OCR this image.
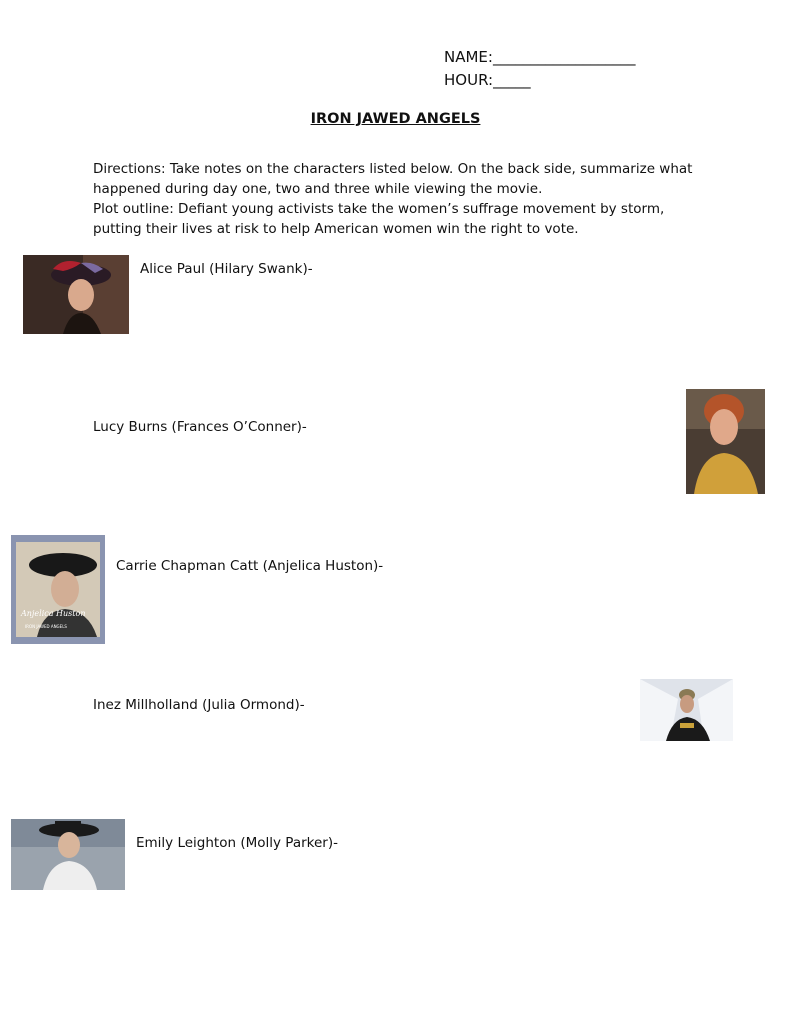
NAME:___________________
HOUR:_____
IRON JAWED ANGELS
Directions: Take notes on the characters listed below. On the back side, summarize what
happened during day one, two and three while viewing the movie.
Plot outline: Defiant young activists take the women’s suffrage movement by storm,
putting their lives at risk to help American women win the right to vote.
Alice Paul (Hilary Swank)-
Lucy Burns (Frances O’Conner)-
Anjelica Huston
IRON JAWED ANGELS
Carrie Chapman Catt (Anjelica Huston)-
Inez Millholland (Julia Ormond)-
Emily Leighton (Molly Parker)-
